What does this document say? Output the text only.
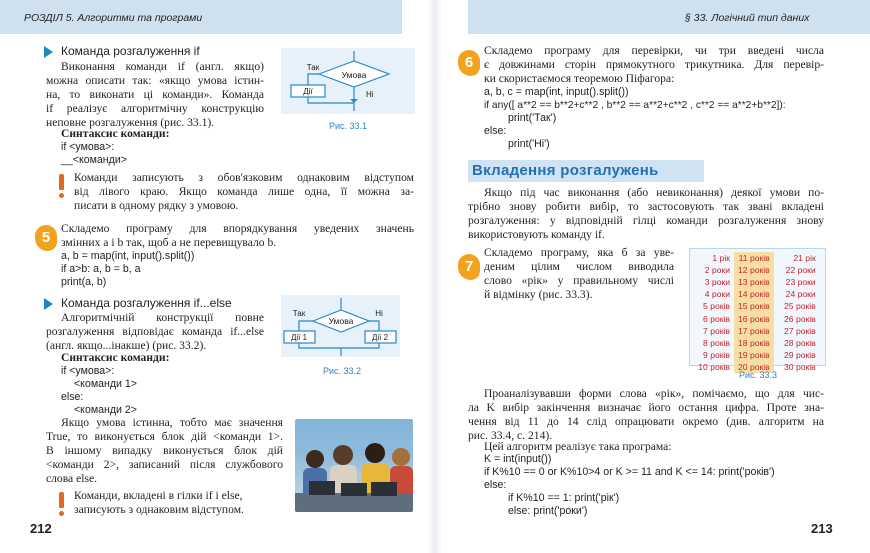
РОЗДІЛ 5. Алгоритми та програми	§ 33. Логічний тип даних
Команда розгалуження if
Виконання команди if (англ. якщо)
можна описати так: «якщо умова істин-
на, то виконати ці команди». Команда
if реалізує алгоритмічну конструкцію
неповне розгалуження (рис. 33.1).
Синтаксис команди:
if <умова>:
__<команди>
Умова
Так
Ні
Дії
Рис. 33.1
Команди записують з обов'язковим однаковим відступом
від лівого краю. Якщо команда лише одна, її можна за-
писати в одному рядку з умовою.
5
Складемо програму для впорядкування уведених значень
змінних a і b так, щоб a не перевищувало b.
a, b = map(int, input().split())
if a>b: a, b = b, a
print(a, b)
Команда розгалуження if...else
Алгоритмічній конструкції повне
розгалуження відповідає команда if...else
(англ. якщо...інакше) (рис. 33.2).
Синтаксис команди:
if <умова>:
<команди 1>
else:
<команди 2>
Умова
Так	Ні
Дії 1	Дії 2
Рис. 33.2
Якщо умова істинна, тобто має значення
True, то виконується блок дій <команди 1>.
В іншому випадку виконується блок дій
<команди 2>, записаний після службового
слова else.
Команди, вкладені в гілки if і else,
записують з однаковим відступом.
212
6
Складемо програму для перевірки, чи три введені числа
є довжинами сторін прямокутного трикутника. Для перевір-
ки скористаємося теоремою Піфагора:
a, b, c = map(int, input().split())
if any([ a**2 == b**2+c**2 , b**2 == a**2+c**2 , c**2 == a**2+b**2]):
print('Так')
else:
print('Ні')
Вкладення розгалужень
Якщо під час виконання (або невиконання) деякої умови по-
трібно знову робити вибір, то застосовують так звані вкладені
розгалуження: у відповідній гілці команди розгалуження знову
використовують команду if.
7
Складемо програму, яка б за уве-
деним цілим числом виводила
слово «рік» у правильному числі
й відмінку (рис. 33.3).
1 рік	11 років	21 рік
2 роки	12 років	22 роки
3 роки	13 років	23 роки
4 роки	14 років	24 роки
5 років	15 років	25 років
6 років	16 років	26 років
7 років	17 років	27 років
8 років	18 років	28 років
9 років	19 років	29 років
10 років	20 років	30 років
Рис. 33.3
Проаналізувавши форми слова «рік», помічаємо, що для чис-
ла K вибір закінчення визначає його остання цифра. Проте зна-
чення від 11 до 14 слід опрацювати окремо (див. алгоритм на
рис. 33.4, с. 214).
Цей алгоритм реалізує така програма:
K = int(input())
if K%10 == 0 or K%10>4 or K >= 11 and K <= 14: print('років')
else:
if K%10 == 1: print('рік')
else: print('роки')
213
